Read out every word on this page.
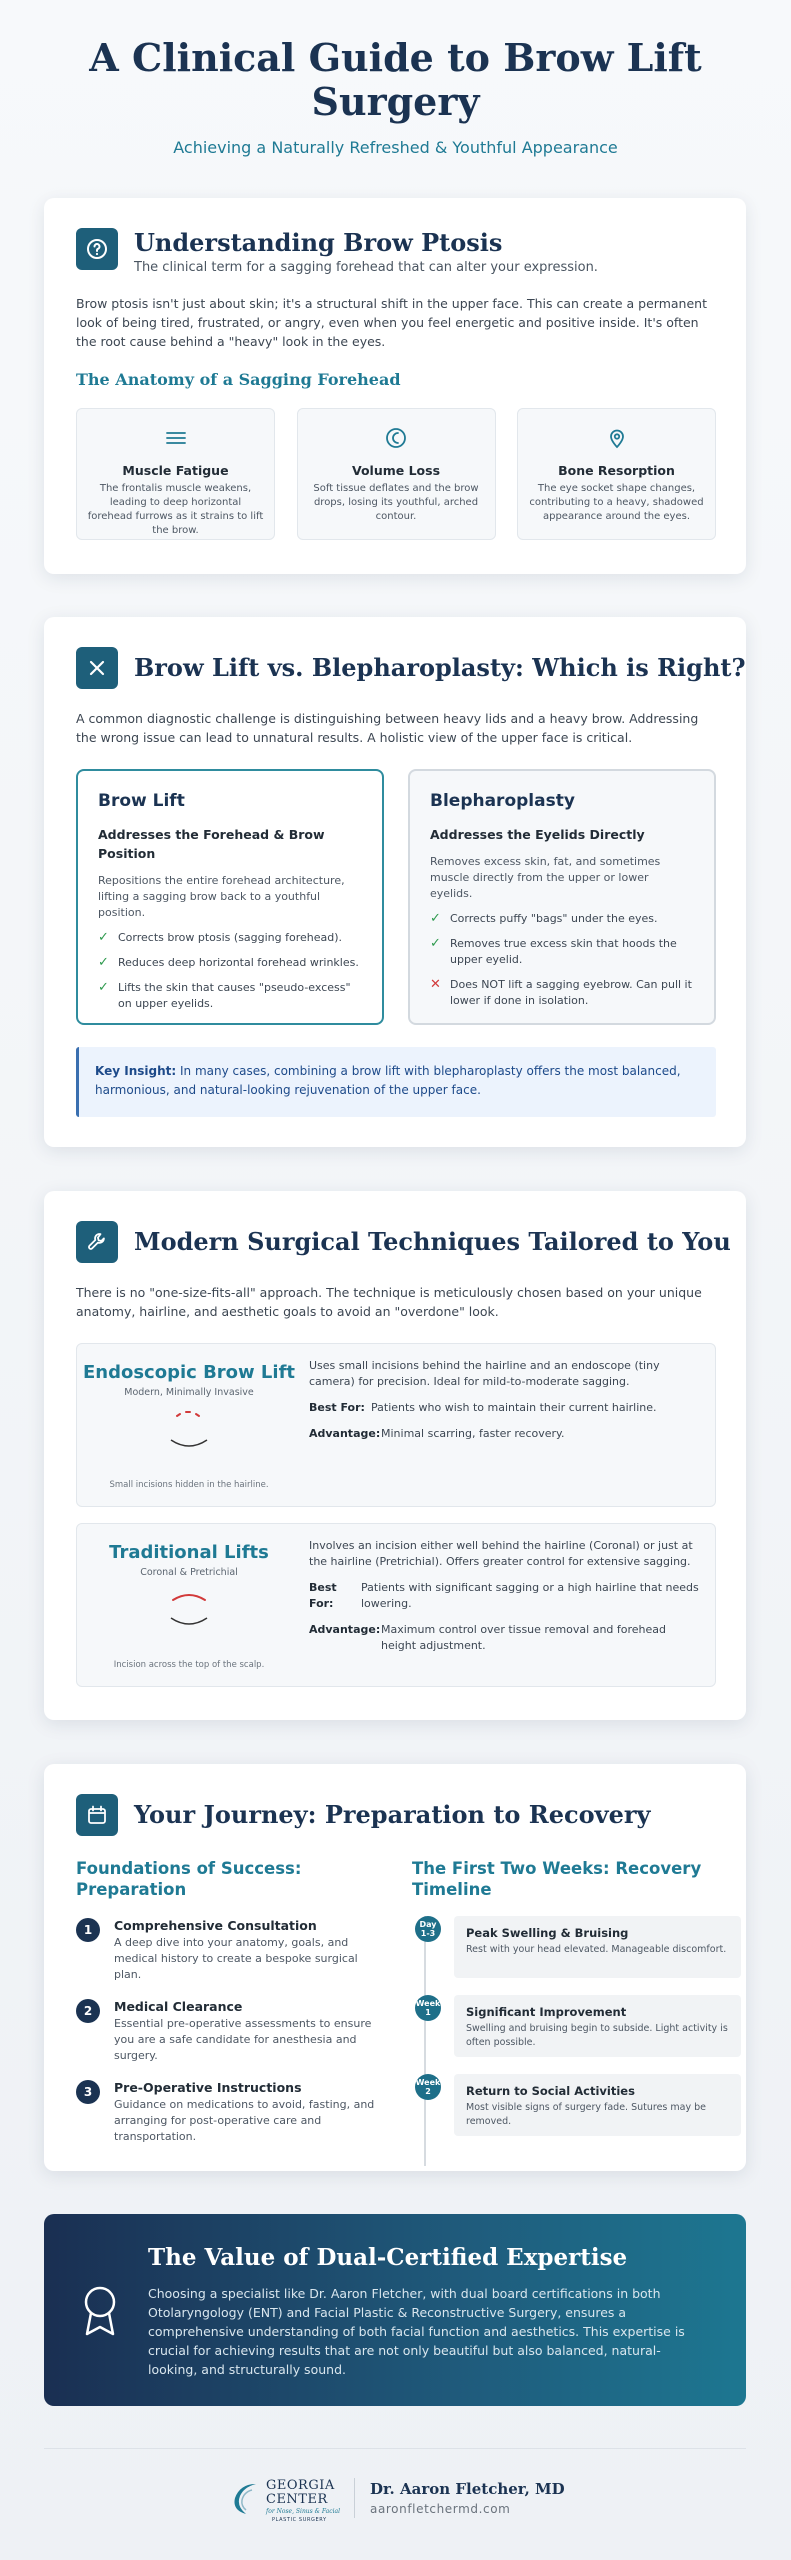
A Clinical Guide to Brow Lift Surgery

Achieving a Naturally Refreshed & Youthful Appearance

Understanding Brow Ptosis
The clinical term for a sagging forehead that can alter your expression.

Brow ptosis isn't just about skin; it's a structural shift in the upper face. This can create a permanent look of being tired, frustrated, or angry, even when you feel energetic and positive inside. It's often the root cause behind a "heavy" look in the eyes.

The Anatomy of a Sagging Forehead
Muscle Fatigue

The frontalis muscle weakens, leading to deep horizontal forehead furrows as it strains to lift the brow.

Volume Loss

Soft tissue deflates and the brow drops, losing its youthful, arched contour.

Bone Resorption

The eye socket shape changes, contributing to a heavy, shadowed appearance around the eyes.

Brow Lift vs. Blepharoplasty: Which is Right?

A common diagnostic challenge is distinguishing between heavy lids and a heavy brow. Addressing the wrong issue can lead to unnatural results. A holistic view of the upper face is critical.

Brow Lift
Addresses the Forehead & Brow Position

Repositions the entire forehead architecture, lifting a sagging brow back to a youthful position.

✓ Corrects brow ptosis (sagging forehead).
✓ Reduces deep horizontal forehead wrinkles.
✓ Lifts the skin that causes "pseudo-excess" on upper eyelids.
Blepharoplasty
Addresses the Eyelids Directly

Removes excess skin, fat, and sometimes muscle directly from the upper or lower eyelids.

✓ Corrects puffy "bags" under the eyes.
✓ Removes true excess skin that hoods the upper eyelid.
✕ Does NOT lift a sagging eyebrow. Can pull it lower if done in isolation.
Key Insight: In many cases, combining a brow lift with blepharoplasty offers the most balanced, harmonious, and natural-looking rejuvenation of the upper face.
Modern Surgical Techniques Tailored to You

There is no "one-size-fits-all" approach. The technique is meticulously chosen based on your unique anatomy, hairline, and aesthetic goals to avoid an "overdone" look.

Endoscopic Brow Lift
Modern, Minimally Invasive
Small incisions hidden in the hairline.
Uses small incisions behind the hairline and an endoscope (tiny camera) for precision. Ideal for mild-to-moderate sagging.
Best For: Patients who wish to maintain their current hairline.
Advantage: Minimal scarring, faster recovery.
Traditional Lifts
Coronal & Pretrichial
Incision across the top of the scalp.
Involves an incision either well behind the hairline (Coronal) or just at the hairline (Pretrichial). Offers greater control for extensive sagging.
Best For:
Patients with significant sagging or a high hairline that needs lowering.
Advantage: Maximum control over tissue removal and forehead height adjustment.
Your Journey: Preparation to Recovery
Foundations of Success: Preparation
1	Comprehensive Consultation

A deep dive into your anatomy, goals, and medical history to create a bespoke surgical plan.

2	Medical Clearance

Essential pre-operative assessments to ensure you are a safe candidate for anesthesia and surgery.

3	Pre-Operative Instructions

Guidance on medications to avoid, fasting, and arranging for post-operative care and transportation.

The First Two Weeks: Recovery Timeline
Day 1-3	Peak Swelling & Bruising

Rest with your head elevated. Manageable discomfort.

Week 1	Significant Improvement

Swelling and bruising begin to subside. Light activity is often possible.

Week 2	Return to Social Activities

Most visible signs of surgery fade. Sutures may be removed.

The Value of Dual-Certified Expertise

Choosing a specialist like Dr. Aaron Fletcher, with dual board certifications in both Otolaryngology (ENT) and Facial Plastic & Reconstructive Surgery, ensures a comprehensive understanding of both facial function and aesthetics. This expertise is crucial for achieving results that are not only beautiful but also balanced, natural-looking, and structurally sound.

GEORGIA
CENTER
for Nose, Sinus & Facial
PLASTIC SURGERY
Dr. Aaron Fletcher, MD
aaronfletchermd.com
